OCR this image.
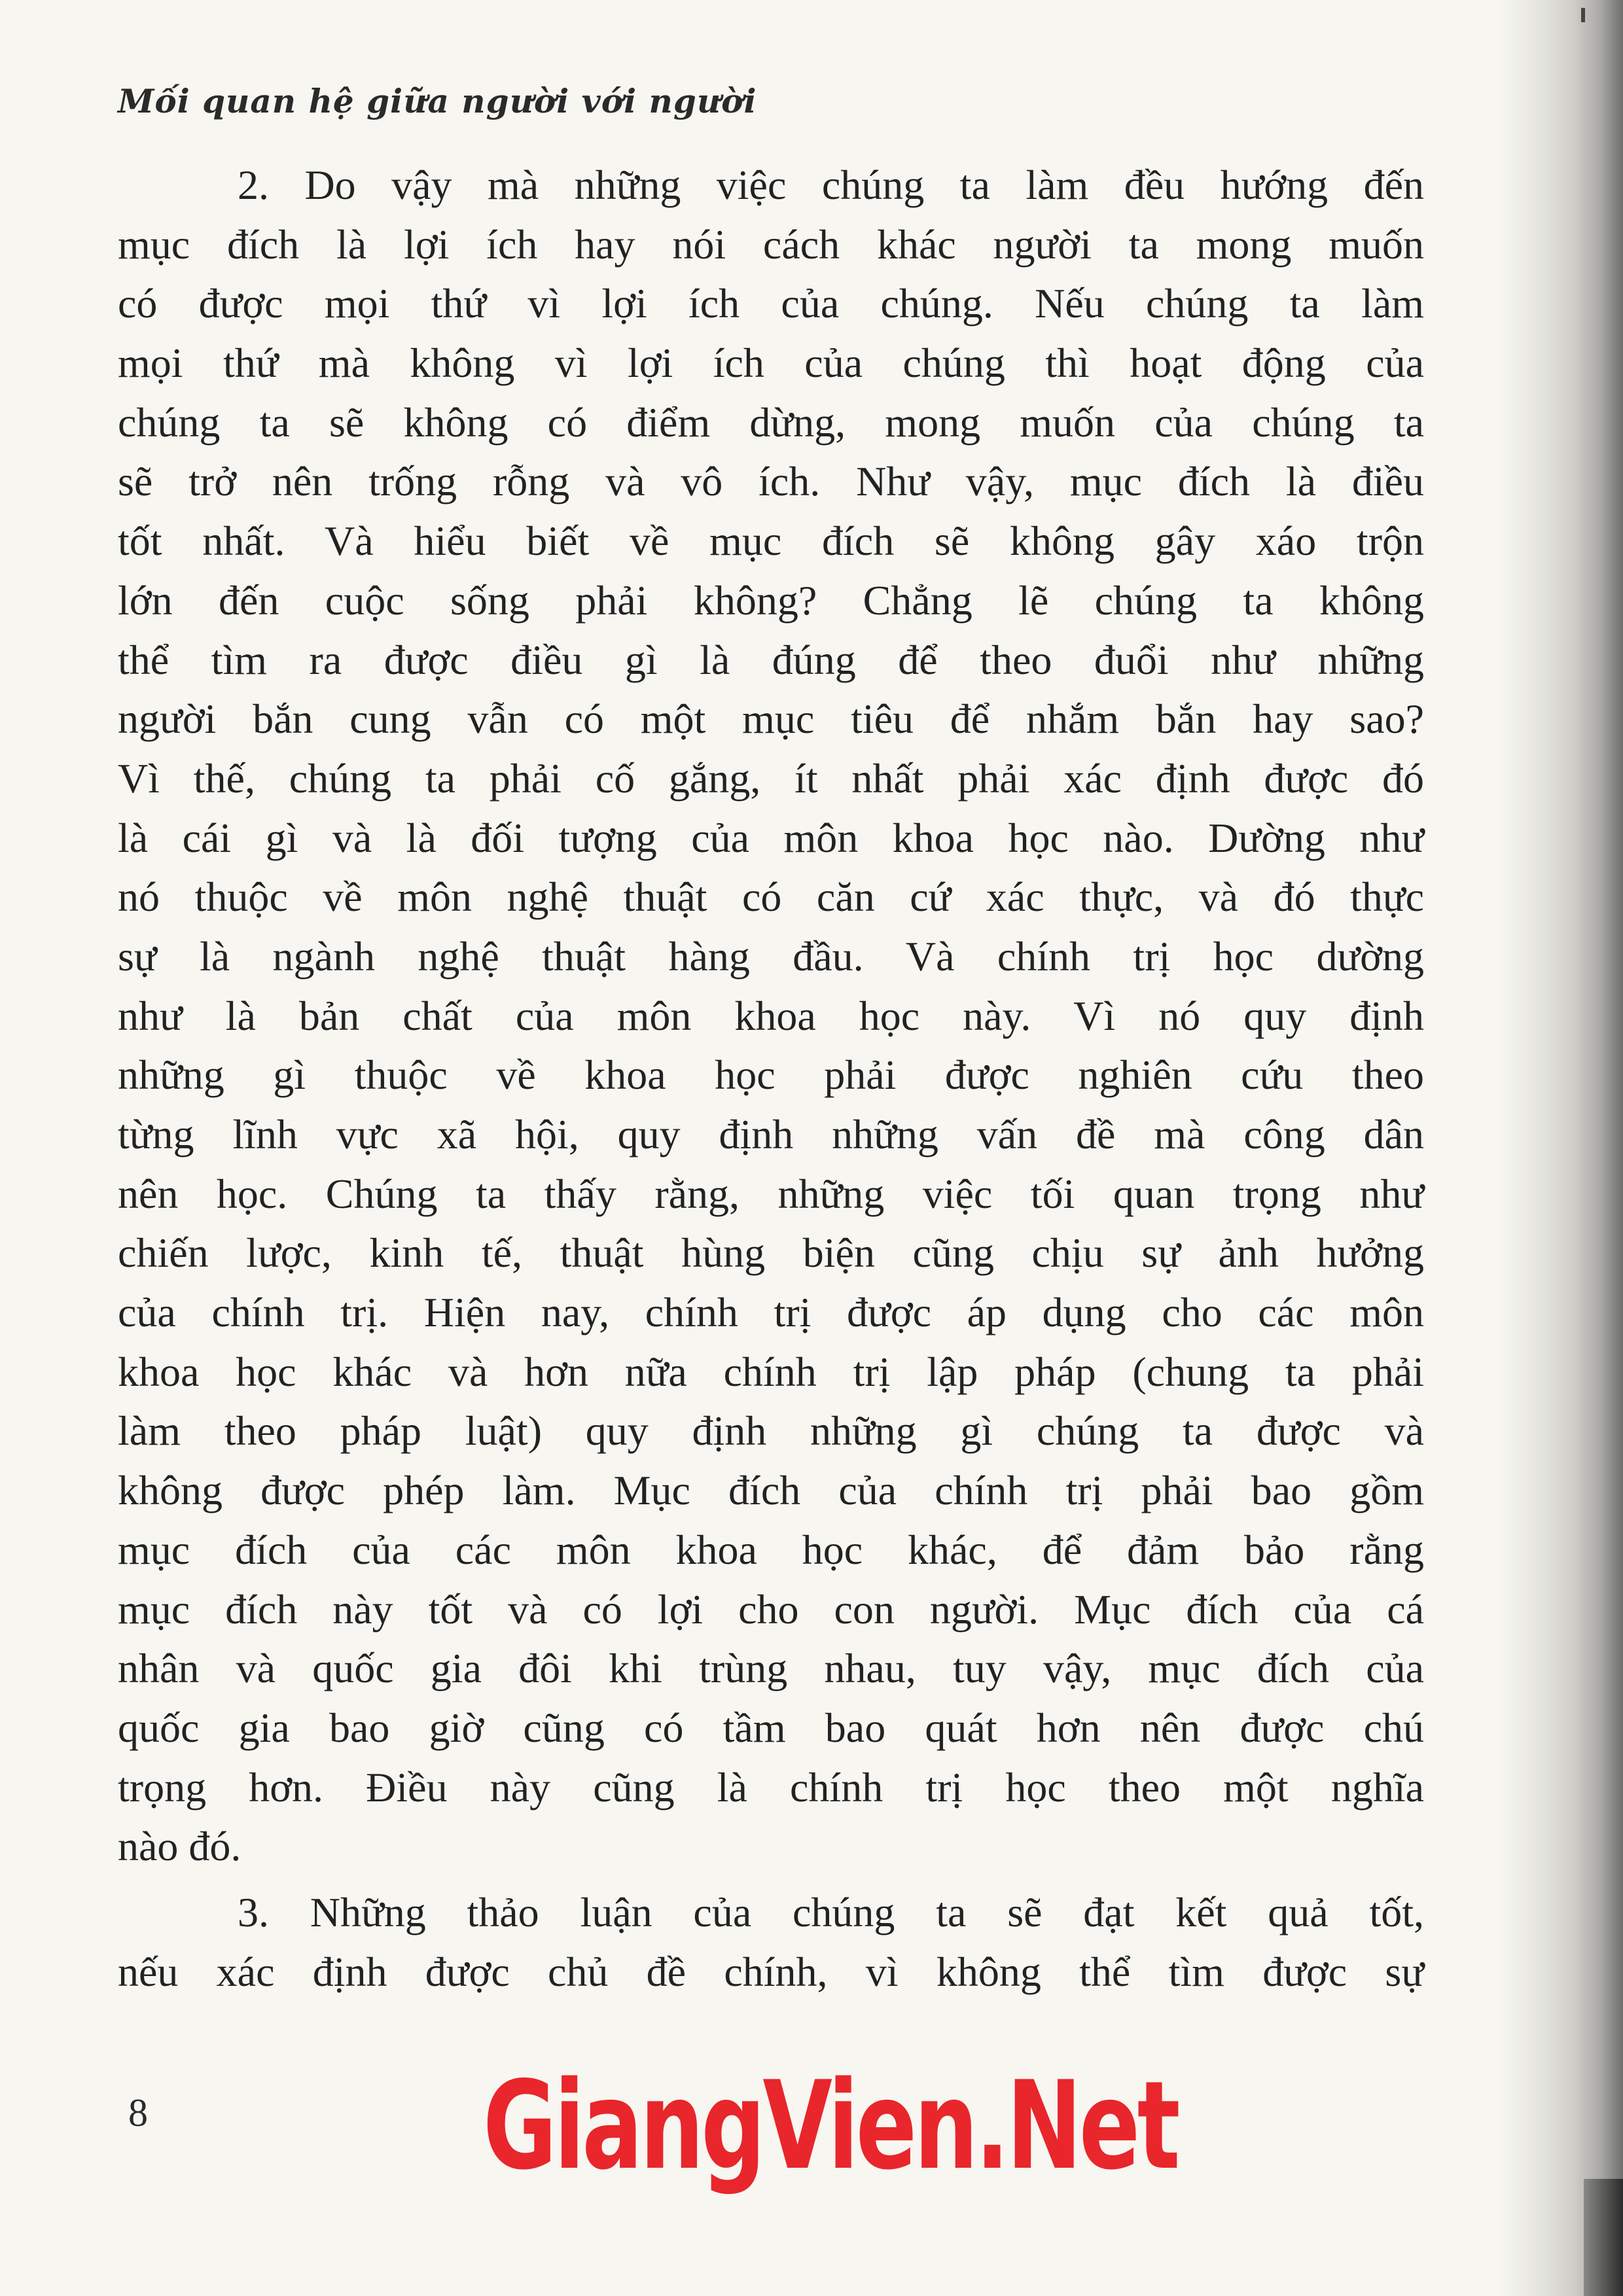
Mối quan hệ giữa người với người
2. Do vậy mà những việc chúng ta làm đều hướng đến
mục đích là lợi ích hay nói cách khác người ta mong muốn
có được mọi thứ vì lợi ích của chúng. Nếu chúng ta làm
mọi thứ mà không vì lợi ích của chúng thì hoạt động của
chúng ta sẽ không có điểm dừng, mong muốn của chúng ta
sẽ trở nên trống rỗng và vô ích. Như vậy, mục đích là điều
tốt nhất. Và hiểu biết về mục đích sẽ không gây xáo trộn
lớn đến cuộc sống phải không? Chẳng lẽ chúng ta không
thể tìm ra được điều gì là đúng để theo đuổi như những
người bắn cung vẫn có một mục tiêu để nhắm bắn hay sao?
Vì thế, chúng ta phải cố gắng, ít nhất phải xác định được đó
là cái gì và là đối tượng của môn khoa học nào. Dường như
nó thuộc về môn nghệ thuật có căn cứ xác thực, và đó thực
sự là ngành nghệ thuật hàng đầu. Và chính trị học dường
như là bản chất của môn khoa học này. Vì nó quy định
những gì thuộc về khoa học phải được nghiên cứu theo
từng lĩnh vực xã hội, quy định những vấn đề mà công dân
nên học. Chúng ta thấy rằng, những việc tối quan trọng như
chiến lược, kinh tế, thuật hùng biện cũng chịu sự ảnh hưởng
của chính trị. Hiện nay, chính trị được áp dụng cho các môn
khoa học khác và hơn nữa chính trị lập pháp (chung ta phải
làm theo pháp luật) quy định những gì chúng ta được và
không được phép làm. Mục đích của chính trị phải bao gồm
mục đích của các môn khoa học khác, để đảm bảo rằng
mục đích này tốt và có lợi cho con người. Mục đích của cá
nhân và quốc gia đôi khi trùng nhau, tuy vậy, mục đích của
quốc gia bao giờ cũng có tầm bao quát hơn nên được chú
trọng hơn. Điều này cũng là chính trị học theo một nghĩa
nào đó.
3. Những thảo luận của chúng ta sẽ đạt kết quả tốt,
nếu xác định được chủ đề chính, vì không thể tìm được sự
8	GiangVien.Net
